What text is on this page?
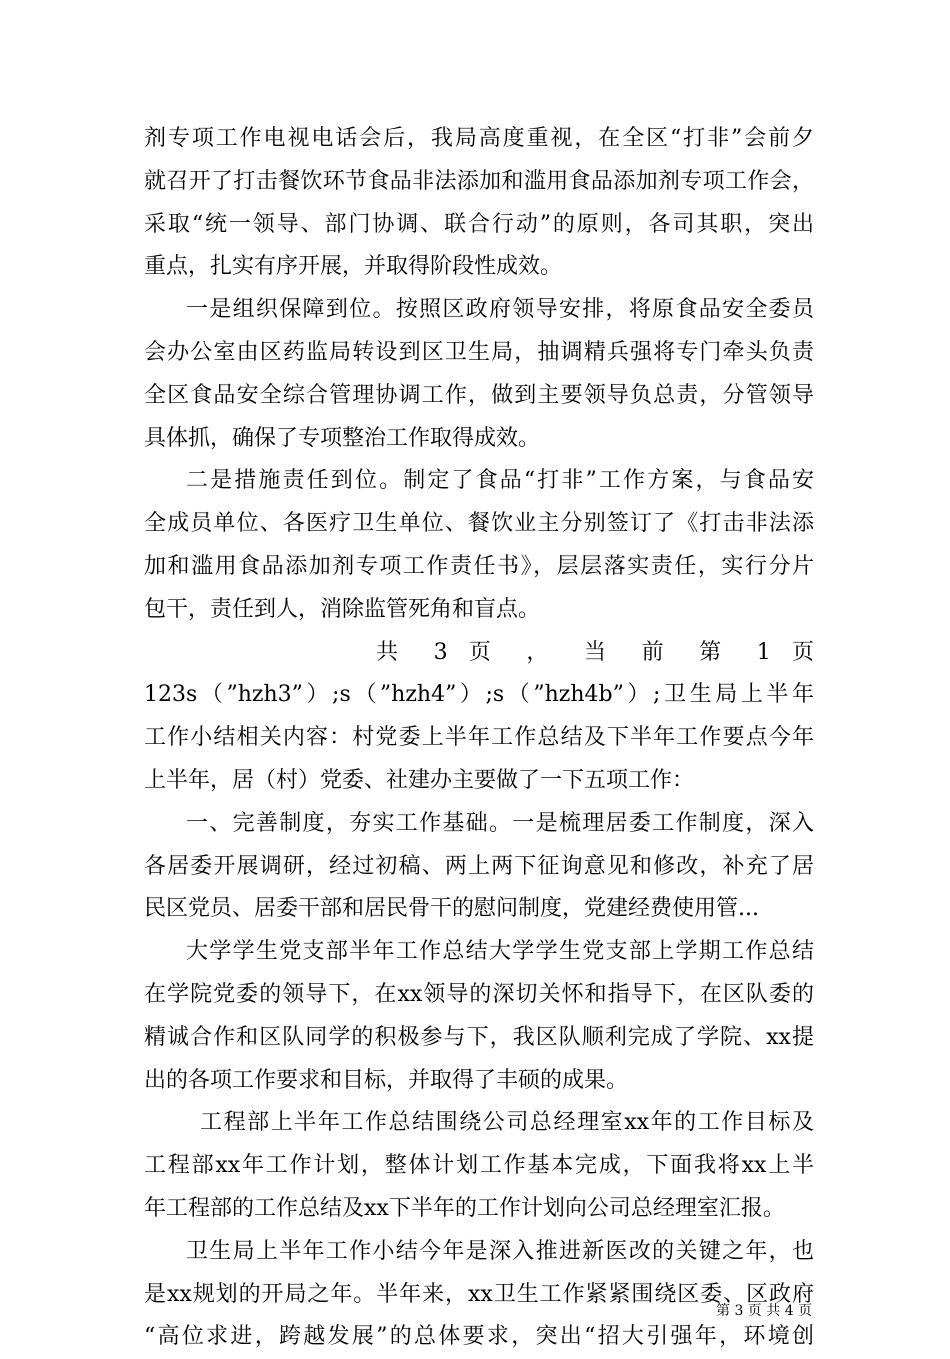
剂专项工作电视电话会后，我局高度重视，在全区“打非”会前夕
就召开了打击餐饮环节食品非法添加和滥用食品添加剂专项工作会，
采取“统一领导、部门协调、联合行动”的原则，各司其职，突出
重点，扎实有序开展，并取得阶段性成效。
一是组织保障到位。按照区政府领导安排，将原食品安全委员
会办公室由区药监局转设到区卫生局，抽调精兵强将专门牵头负责
全区食品安全综合管理协调工作，做到主要领导负总责，分管领导
具体抓，确保了专项整治工作取得成效。
二是措施责任到位。制定了食品“打非”工作方案，与食品安
全成员单位、各医疗卫生单位、餐饮业主分别签订了《打击非法添
加和滥用食品添加剂专项工作责任书》，层层落实责任，实行分片
包干，责任到人，消除监管死角和盲点。
共 3 页 ， 当 前 第 1 页
123s（”hzh3”）;s（”hzh4”）;s（”hzh4b”）;卫生局上半年
工作小结相关内容：村党委上半年工作总结及下半年工作要点今年
上半年，居（村）党委、社建办主要做了一下五项工作：
一、完善制度，夯实工作基础。一是梳理居委工作制度，深入
各居委开展调研，经过初稿、两上两下征询意见和修改，补充了居
民区党员、居委干部和居民骨干的慰问制度，党建经费使用管...
大学学生党支部半年工作总结大学学生党支部上学期工作总结
在学院党委的领导下，在xx领导的深切关怀和指导下，在区队委的
精诚合作和区队同学的积极参与下，我区队顺利完成了学院、xx提
出的各项工作要求和目标，并取得了丰硕的成果。
工程部上半年工作总结围绕公司总经理室xx年的工作目标及
工程部xx年工作计划，整体计划工作基本完成，下面我将xx上半
年工程部的工作总结及xx下半年的工作计划向公司总经理室汇报。
卫生局上半年工作小结今年是深入推进新医改的关键之年，也
是xx规划的开局之年。半年来，xx卫生工作紧紧围绕区委、区政府
“高位求进，跨越发展”的总体要求，突出“招大引强年，环境创
第 3 页 共 4 页
